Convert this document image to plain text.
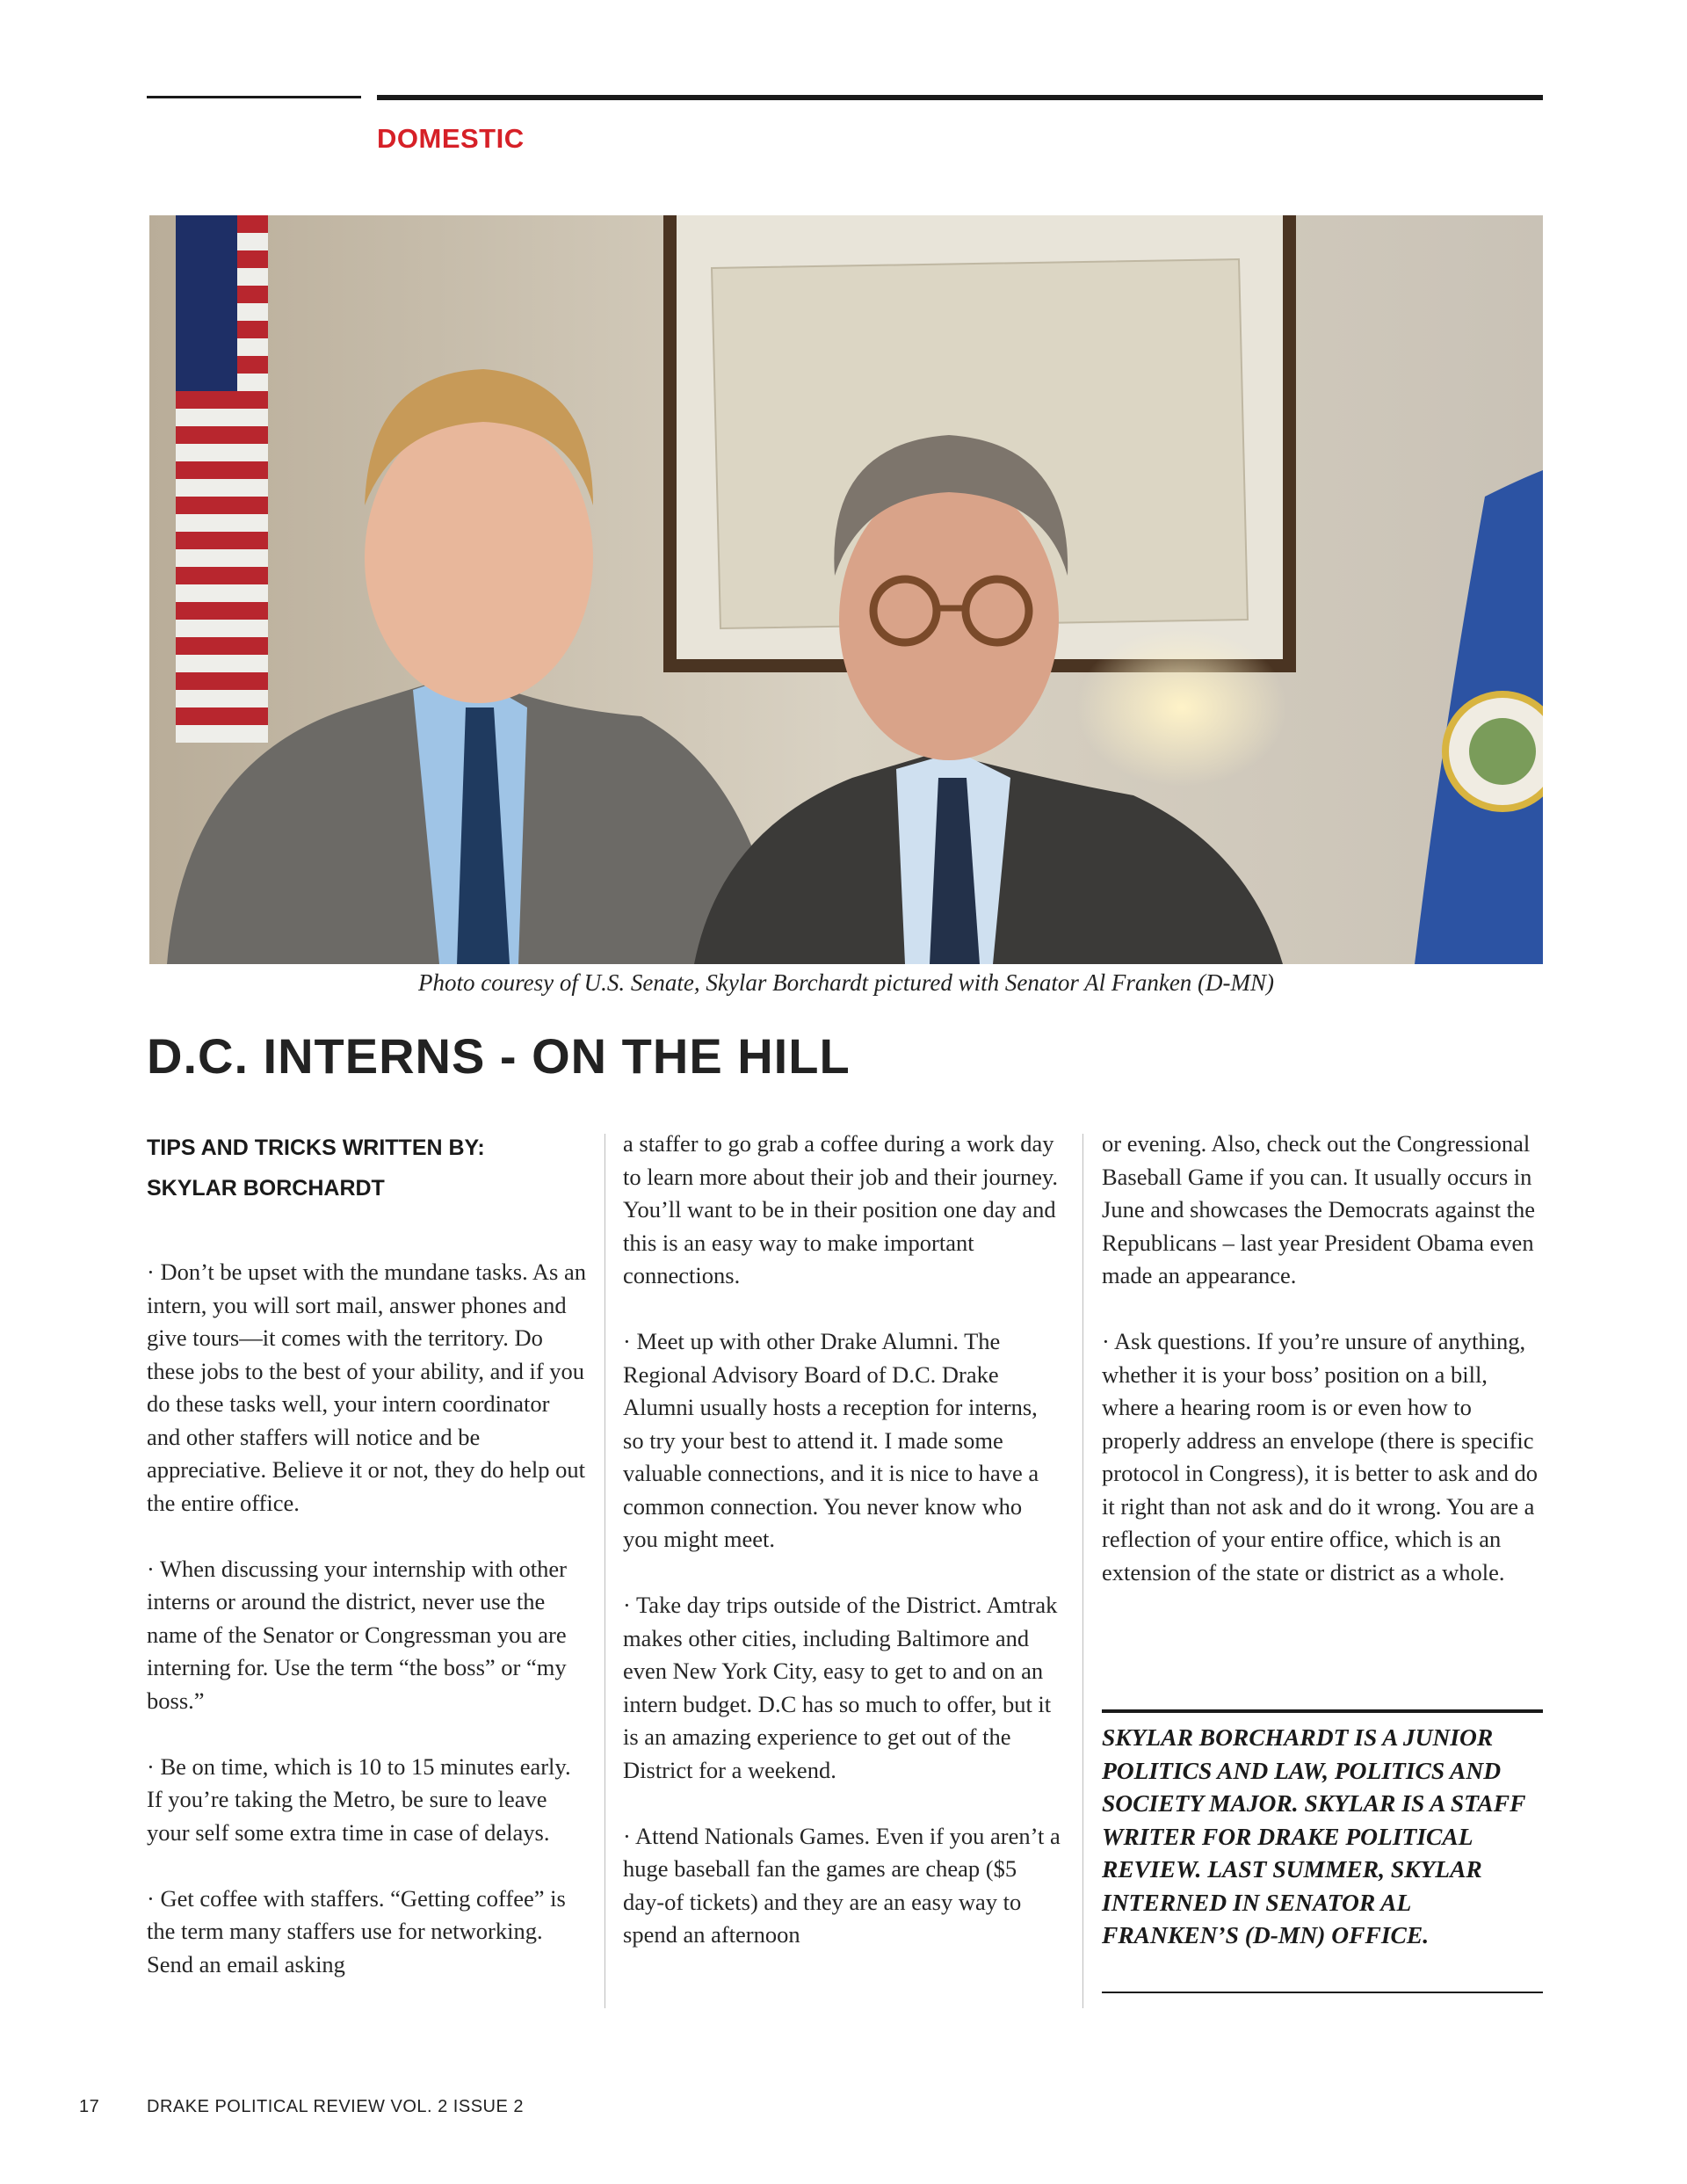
DOMESTIC
Photo couresy of U.S. Senate, Skylar Borchardt pictured with Senator Al Franken (D-MN)
D.C. INTERNS - ON THE HILL
TIPS AND TRICKS WRITTEN BY:
SKYLAR BORCHARDT

· Don’t be upset with the mundane tasks. As an intern, you will sort mail, answer phones and give tours—it comes with the territory. Do these jobs to the best of your ability, and if you do these tasks well, your intern coordinator and other staffers will notice and be appreciative. Believe it or not, they do help out the entire office.

· When discussing your internship with other interns or around the district, never use the name of the Senator or Congressman you are interning for. Use the term “the boss” or “my boss.”

· Be on time, which is 10 to 15 minutes early. If you’re taking the Metro, be sure to leave your self some extra time in case of delays.

· Get coffee with staffers. “Getting coffee” is the term many staffers use for networking. Send an email asking

a staffer to go grab a coffee during a work day to learn more about their job and their journey. You’ll want to be in their position one day and this is an easy way to make important connections.

· Meet up with other Drake Alumni. The Regional Advisory Board of D.C. Drake Alumni usually hosts a reception for interns, so try your best to attend it. I made some valuable connections, and it is nice to have a common connection. You never know who you might meet.

· Take day trips outside of the District. Amtrak makes other cities, including Baltimore and even New York City, easy to get to and on an intern budget. D.C has so much to offer, but it is an amazing experience to get out of the District for a weekend.

· Attend Nationals Games. Even if you aren’t a huge baseball fan the games are cheap ($5 day-of tickets) and they are an easy way to spend an afternoon

or evening. Also, check out the Congressional Baseball Game if you can. It usually occurs in June and showcases the Democrats against the Republicans – last year President Obama even made an appearance.

· Ask questions. If you’re unsure of anything, whether it is your boss’ position on a bill, where a hearing room is or even how to properly address an envelope (there is specific protocol in Congress), it is better to ask and do it right than not ask and do it wrong. You are a reflection of your entire office, which is an extension of the state or district as a whole.

SKYLAR BORCHARDT IS A JUNIOR POLITICS AND LAW, POLITICS AND SOCIETY MAJOR. SKYLAR IS A STAFF WRITER FOR DRAKE POLITICAL REVIEW. LAST SUMMER, SKYLAR INTERNED IN SENATOR AL FRANKEN’S (D-MN) OFFICE.
17	DRAKE POLITICAL REVIEW VOL. 2 ISSUE 2
